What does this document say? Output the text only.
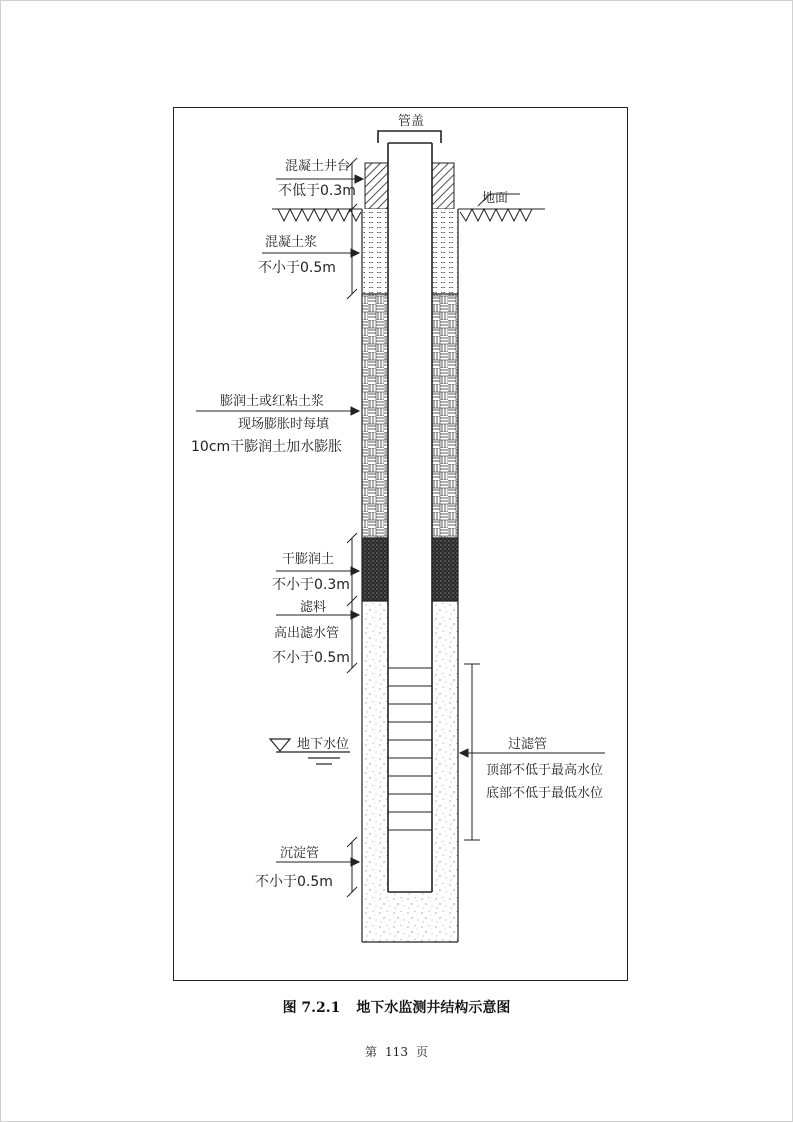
管盖
地面
混凝土井台
不低于0.3m
混凝土浆
不小于0.5m
膨润土或红粘土浆
现场膨胀时每填
10cm干膨润土加水膨胀
干膨润土
不小于0.3m
滤料
高出滤水管
不小于0.5m
地下水位	过滤管
顶部不低于最高水位
底部不低于最低水位
沉淀管
不小于0.5m
图 7.2.1 地下水监测井结构示意图
第 113 页
